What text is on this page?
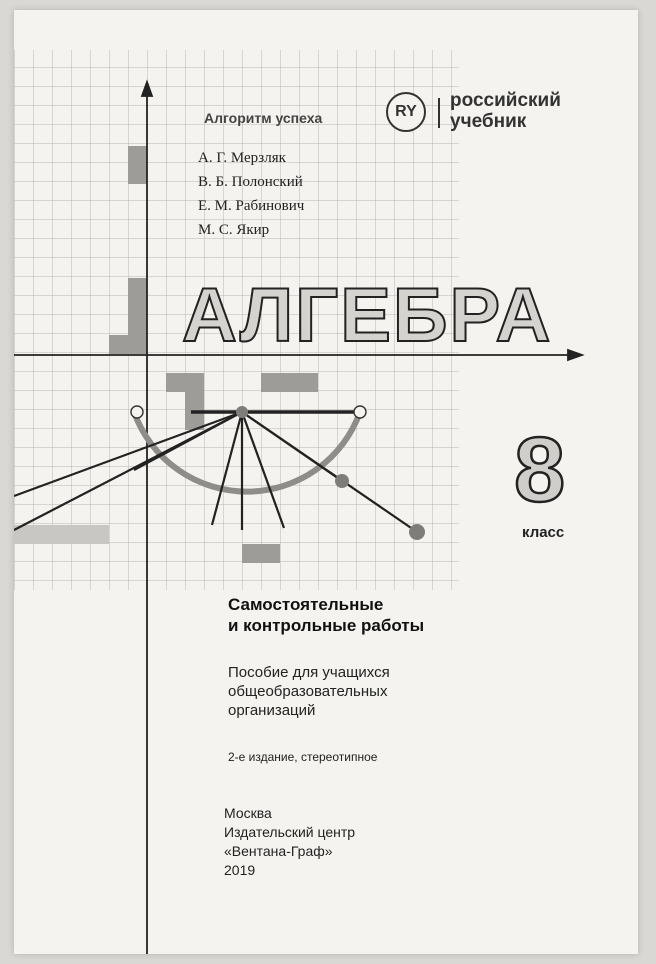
Алгоритм успеха	RY
российский
учебник
А. Г. Мерзляк
В. Б. Полонский
Е. М. Рабинович
М. С. Якир
АЛГЕБРА
8
класс
Самостоятельные
и контрольные работы
Пособие для учащихся
общеобразовательных
организаций
2-е издание, стереотипное
Москва
Издательский центр
«Вентана-Граф»
2019
